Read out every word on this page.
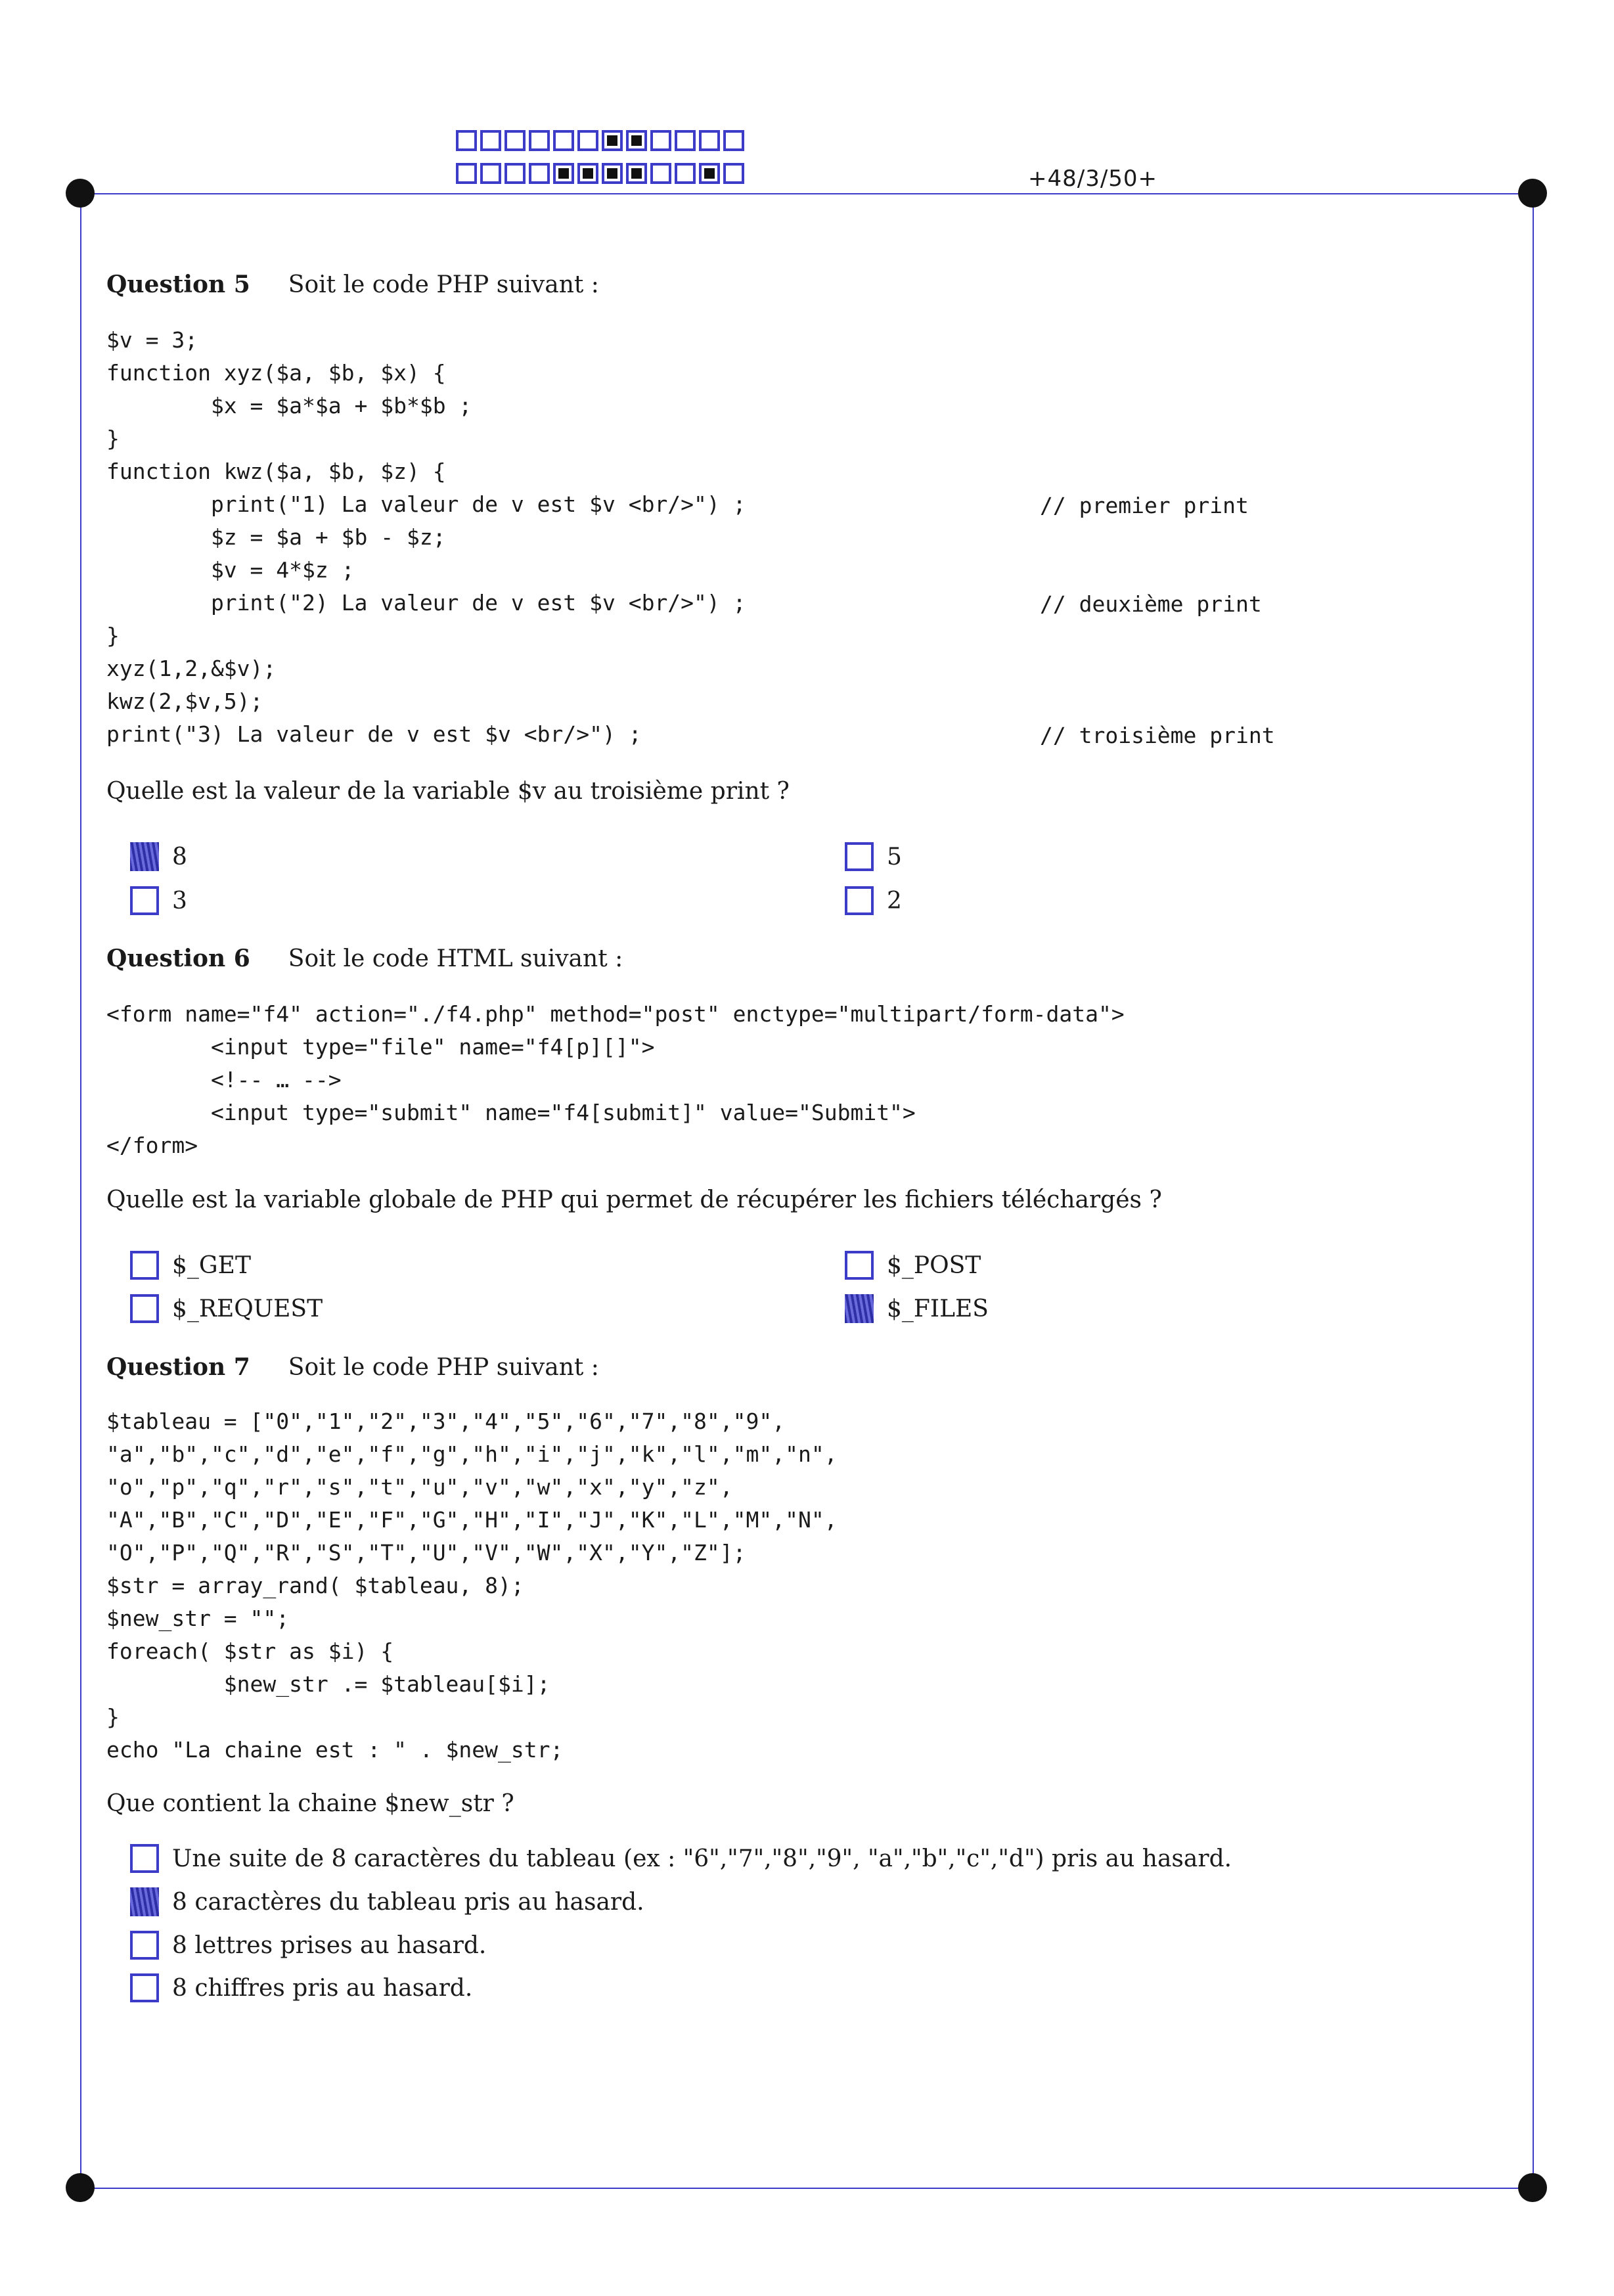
+48/3/50+
Question 5 Soit le code PHP suivant :
$v = 3;
function xyz($a, $b, $x) {
$x = $a*$a + $b*$b ;
}
function kwz($a, $b, $z) {
print("1) La valeur de v est $v <br/>") ;
$z = $a + $b - $z;
$v = 4*$z ;
print("2) La valeur de v est $v <br/>") ;
}
xyz(1,2,&$v);
kwz(2,$v,5);
print("3) La valeur de v est $v <br/>") ;
// premier print
// deuxième print
// troisième print
Quelle est la valeur de la variable $v au troisième print ?
8	5
3	2
Question 6 Soit le code HTML suivant :
<form name="f4" action="./f4.php" method="post" enctype="multipart/form-data">
<input type="file" name="f4[p][]">
<!-- … -->
<input type="submit" name="f4[submit]" value="Submit">
</form>
Quelle est la variable globale de PHP qui permet de récupérer les fichiers téléchargés ?
$_GET	$_POST
$_REQUEST	$_FILES
Question 7 Soit le code PHP suivant :
$tableau = ["0","1","2","3","4","5","6","7","8","9",
"a","b","c","d","e","f","g","h","i","j","k","l","m","n",
"o","p","q","r","s","t","u","v","w","x","y","z",
"A","B","C","D","E","F","G","H","I","J","K","L","M","N",
"O","P","Q","R","S","T","U","V","W","X","Y","Z"];
$str = array_rand( $tableau, 8);
$new_str = "";
foreach( $str as $i) {
$new_str .= $tableau[$i];
}
echo "La chaine est : " . $new_str;
Que contient la chaine $new_str ?
Une suite de 8 caractères du tableau (ex : "6","7","8","9", "a","b","c","d") pris au hasard.
8 caractères du tableau pris au hasard.
8 lettres prises au hasard.
8 chiffres pris au hasard.
